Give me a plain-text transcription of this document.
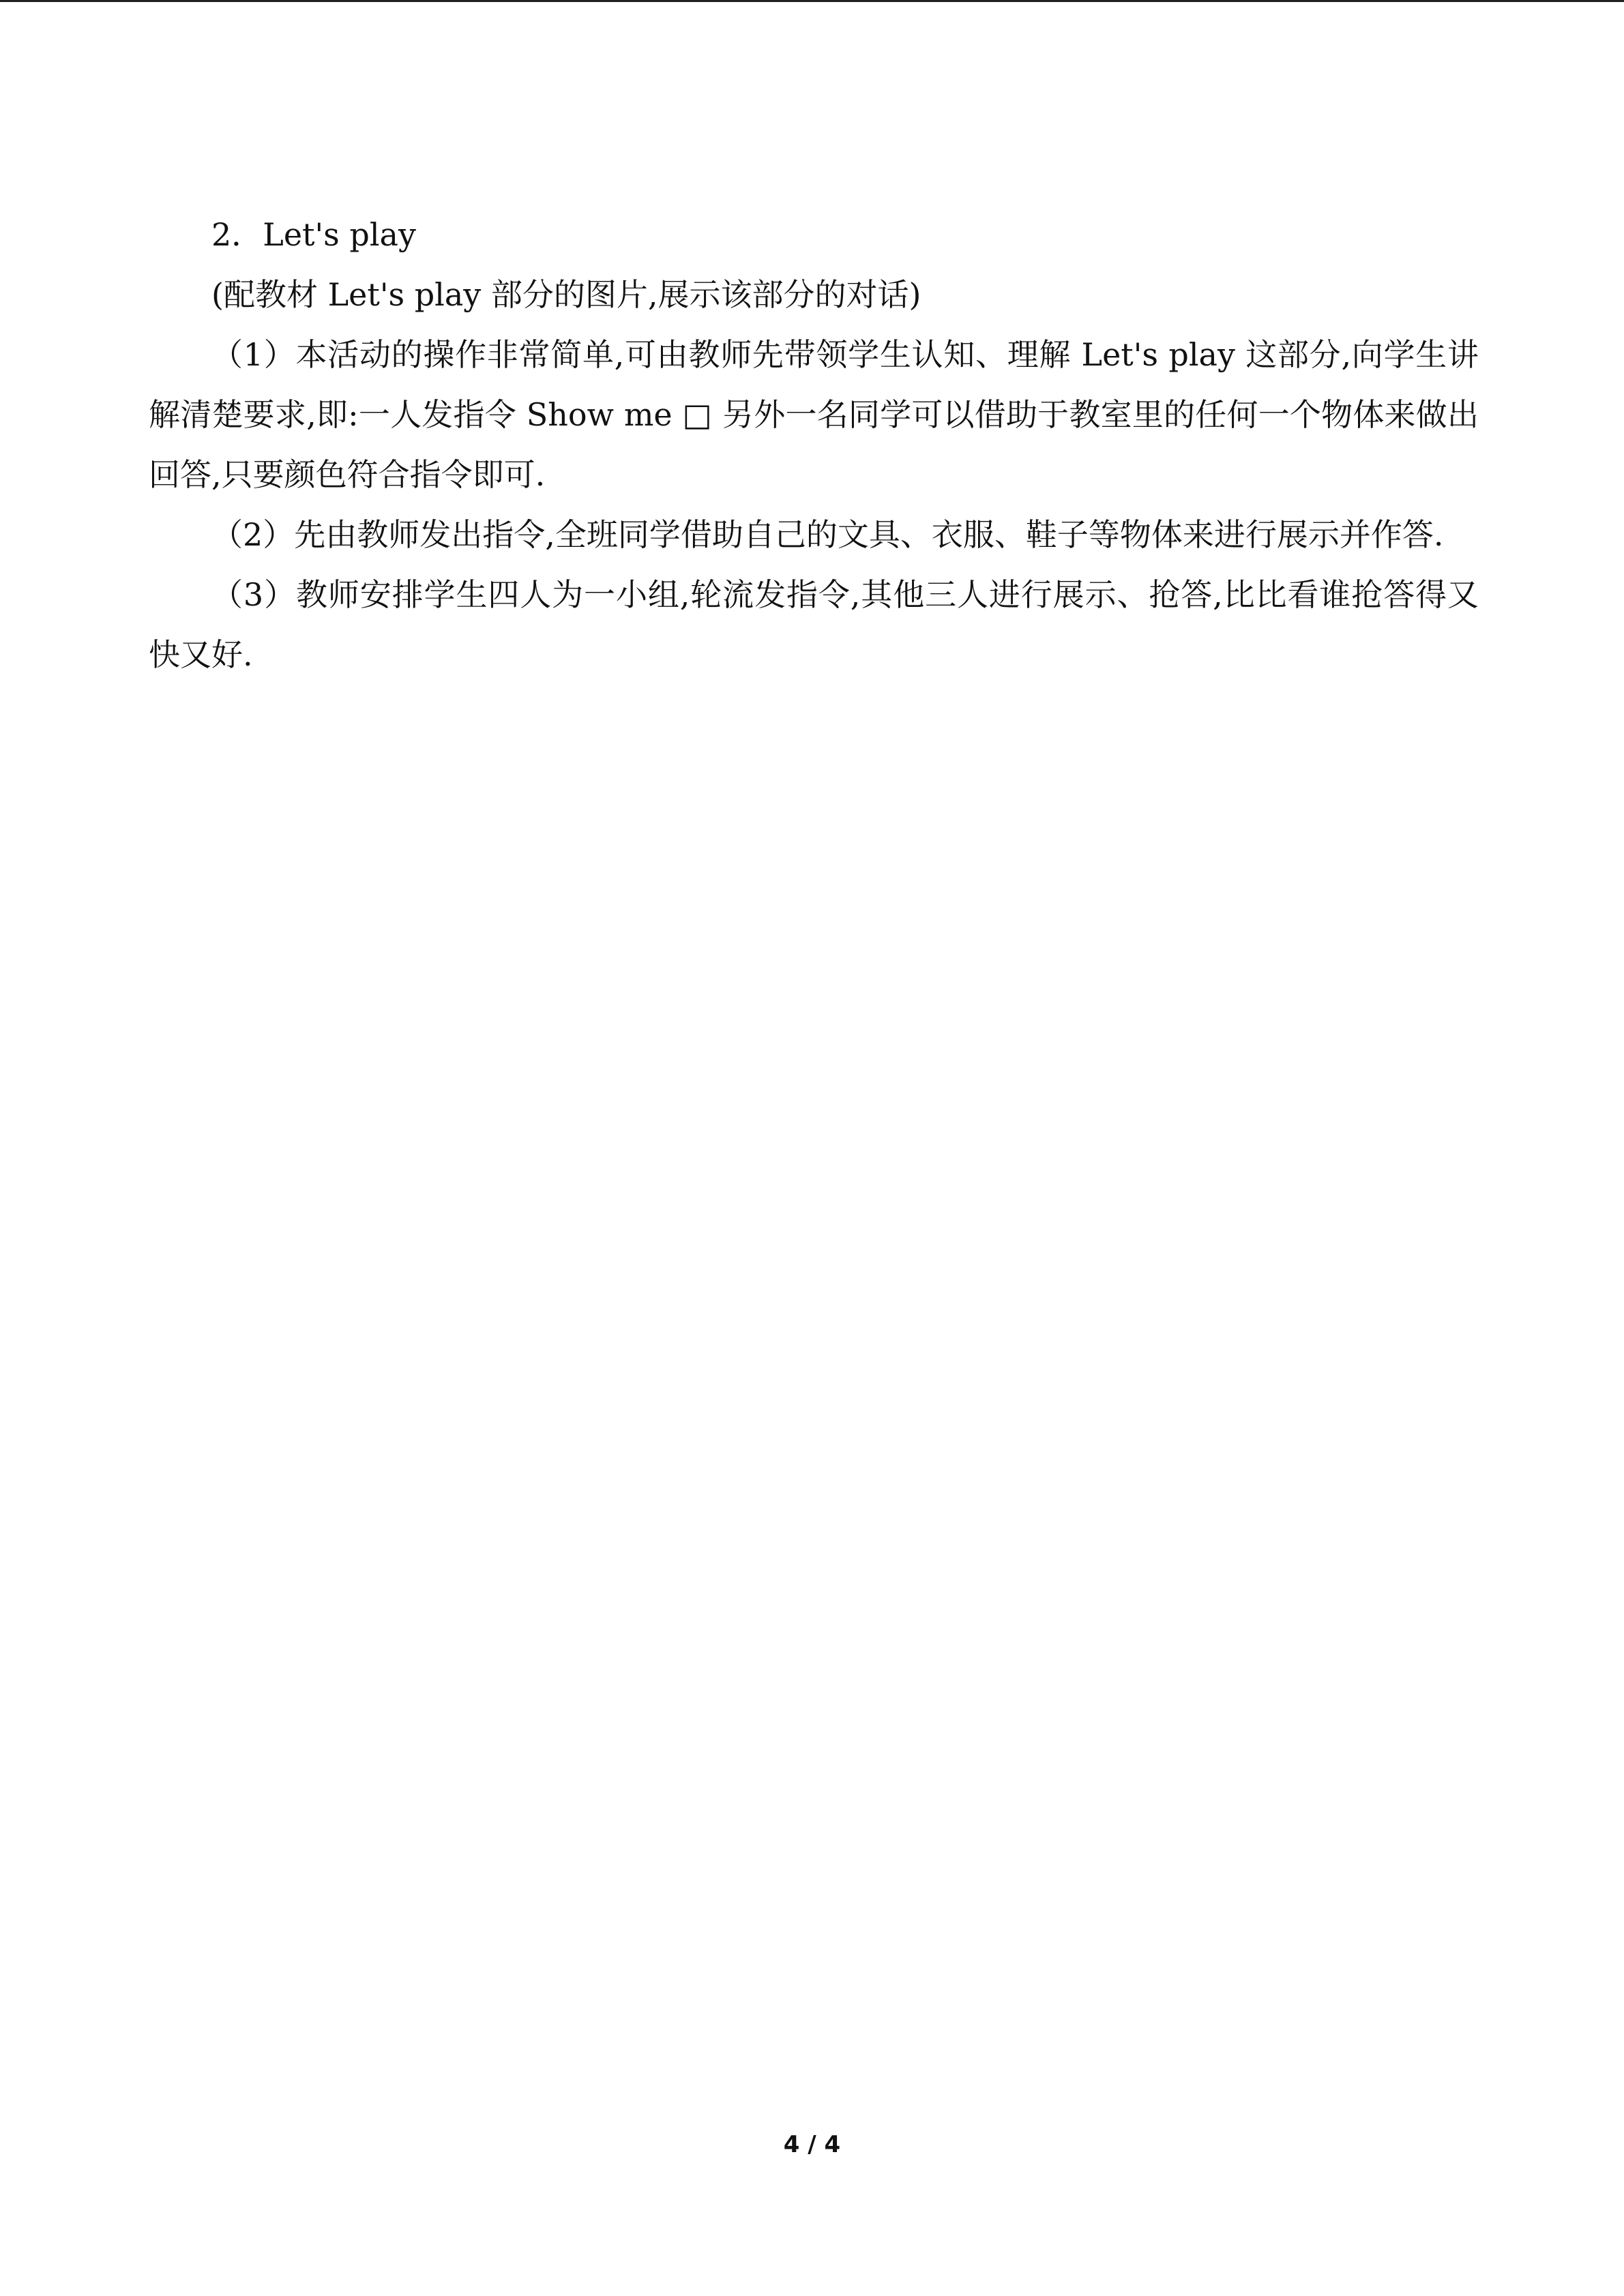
2．Let's play

(配教材 Let's play 部分的图片,展示该部分的对话)

（1）本活动的操作非常简单,可由教师先带领学生认知、理解 Let's play 这部分,向学生讲解清楚要求,即:一人发指令 Show me □ 另外一名同学可以借助于教室里的任何一个物体来做出回答,只要颜色符合指令即可.

（2）先由教师发出指令,全班同学借助自己的文具、衣服、鞋子等物体来进行展示并作答.

（3）教师安排学生四人为一小组,轮流发指令,其他三人进行展示、抢答,比比看谁抢答得又快又好.

4 / 4
